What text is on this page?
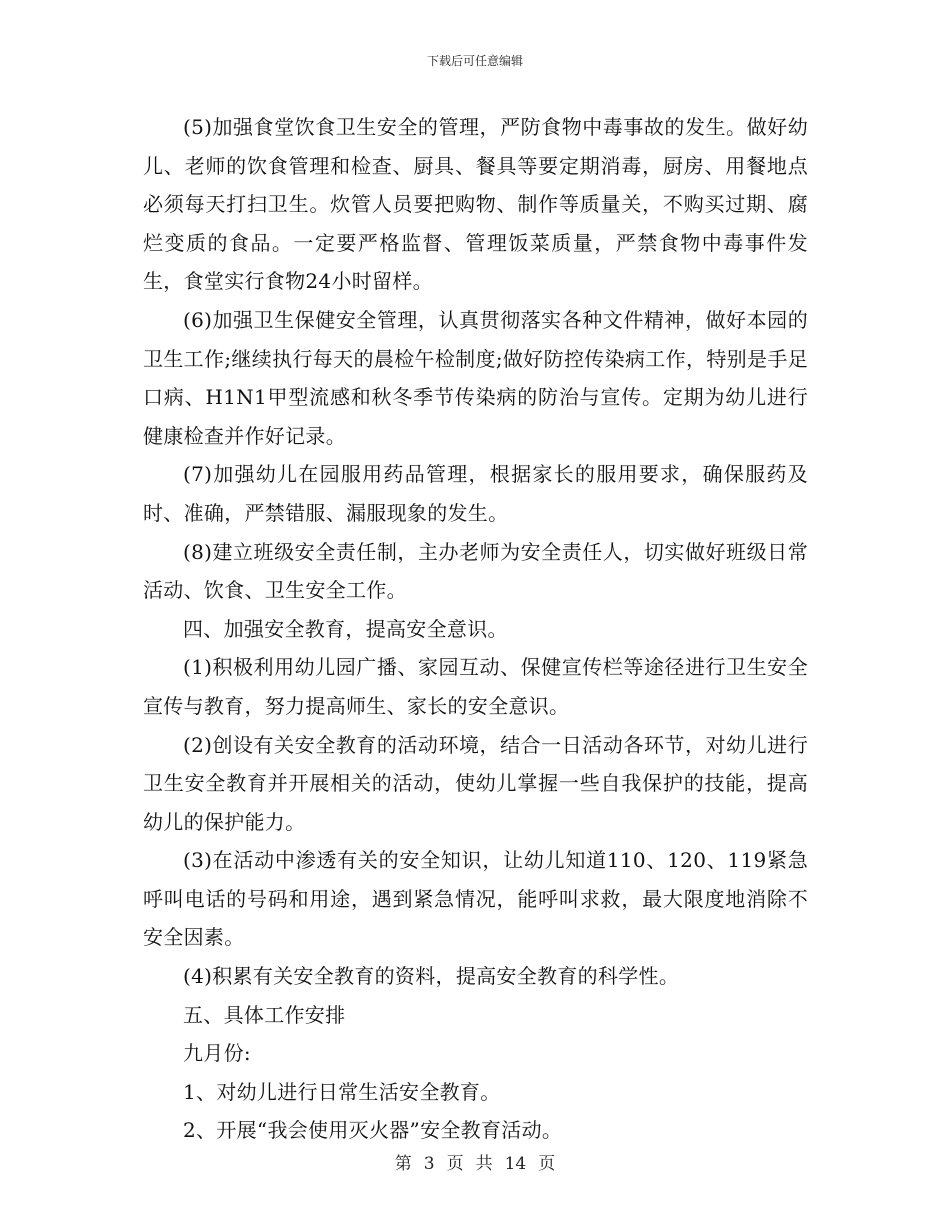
下载后可任意编辑

(5)加强食堂饮食卫生安全的管理，严防食物中毒事故的发生。做好幼儿、老师的饮食管理和检查、厨具、餐具等要定期消毒，厨房、用餐地点必须每天打扫卫生。炊管人员要把购物、制作等质量关，不购买过期、腐烂变质的食品。一定要严格监督、管理饭菜质量，严禁食物中毒事件发生，食堂实行食物24小时留样。

(6)加强卫生保健安全管理，认真贯彻落实各种文件精神，做好本园的卫生工作;继续执行每天的晨检午检制度;做好防控传染病工作，特别是手足口病、H1N1甲型流感和秋冬季节传染病的防治与宣传。定期为幼儿进行健康检查并作好记录。

(7)加强幼儿在园服用药品管理，根据家长的服用要求，确保服药及时、准确，严禁错服、漏服现象的发生。

(8)建立班级安全责任制，主办老师为安全责任人，切实做好班级日常活动、饮食、卫生安全工作。

四、加强安全教育，提高安全意识。

(1)积极利用幼儿园广播、家园互动、保健宣传栏等途径进行卫生安全宣传与教育，努力提高师生、家长的安全意识。

(2)创设有关安全教育的活动环境，结合一日活动各环节，对幼儿进行卫生安全教育并开展相关的活动，使幼儿掌握一些自我保护的技能，提高幼儿的保护能力。

(3)在活动中渗透有关的安全知识，让幼儿知道110、120、119紧急呼叫电话的号码和用途，遇到紧急情况，能呼叫求救，最大限度地消除不安全因素。

(4)积累有关安全教育的资料，提高安全教育的科学性。

五、具体工作安排

九月份:

1、对幼儿进行日常生活安全教育。

2、开展“我会使用灭火器”安全教育活动。

第 3 页 共 14 页
